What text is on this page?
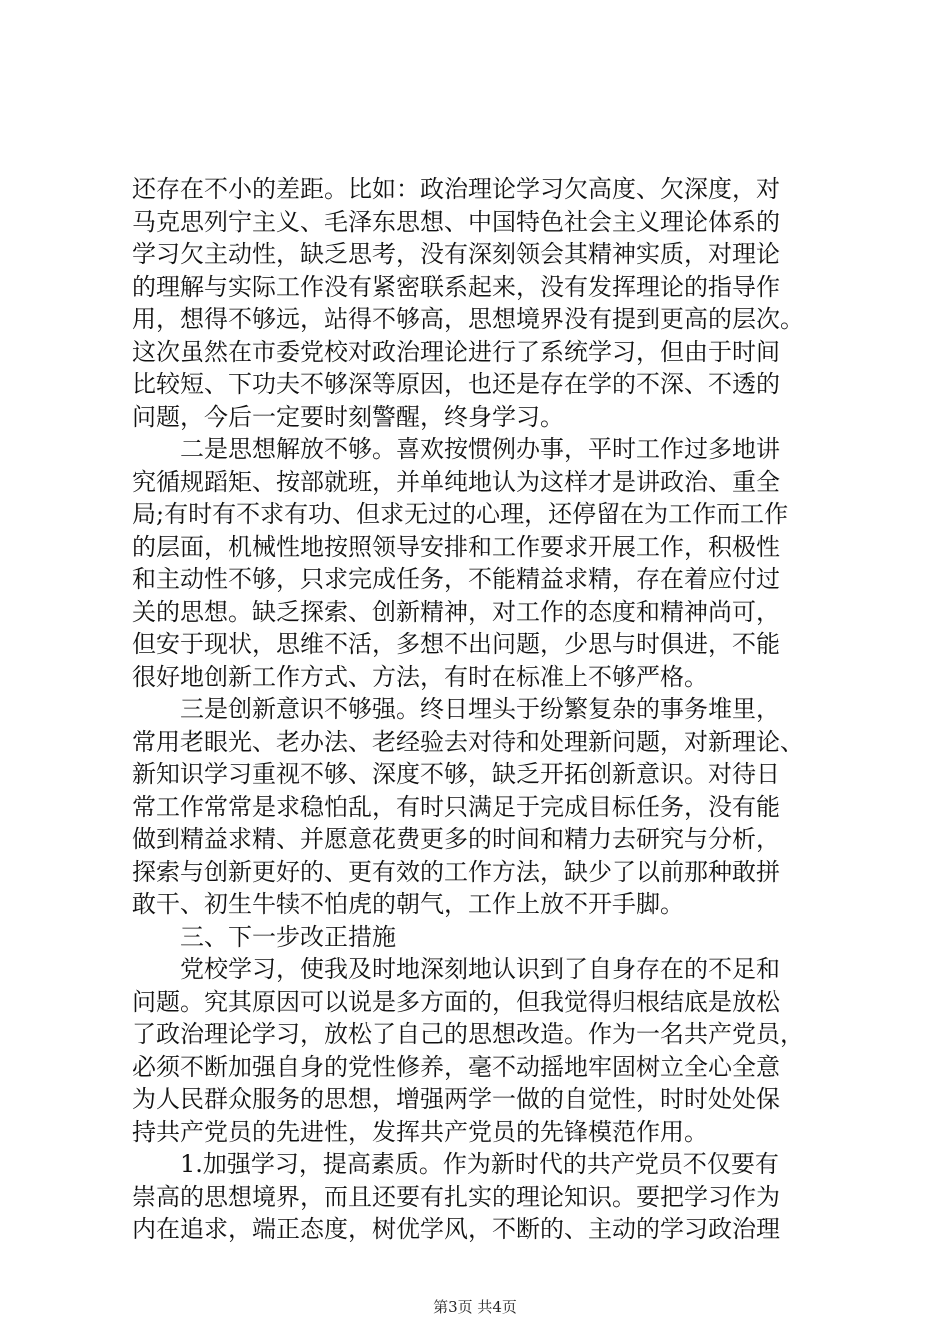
还存在不小的差距。比如：政治理论学习欠高度、欠深度，对
马克思列宁主义、毛泽东思想、中国特色社会主义理论体系的
学习欠主动性，缺乏思考，没有深刻领会其精神实质，对理论
的理解与实际工作没有紧密联系起来，没有发挥理论的指导作
用，想得不够远，站得不够高，思想境界没有提到更高的层次。
这次虽然在市委党校对政治理论进行了系统学习，但由于时间
比较短、下功夫不够深等原因，也还是存在学的不深、不透的
问题，今后一定要时刻警醒，终身学习。
　　二是思想解放不够。喜欢按惯例办事，平时工作过多地讲
究循规蹈矩、按部就班，并单纯地认为这样才是讲政治、重全
局;有时有不求有功、但求无过的心理，还停留在为工作而工作
的层面，机械性地按照领导安排和工作要求开展工作，积极性
和主动性不够，只求完成任务，不能精益求精，存在着应付过
关的思想。缺乏探索、创新精神，对工作的态度和精神尚可，
但安于现状，思维不活，多想不出问题，少思与时俱进，不能
很好地创新工作方式、方法，有时在标准上不够严格。
　　三是创新意识不够强。终日埋头于纷繁复杂的事务堆里，
常用老眼光、老办法、老经验去对待和处理新问题，对新理论、
新知识学习重视不够、深度不够，缺乏开拓创新意识。对待日
常工作常常是求稳怕乱，有时只满足于完成目标任务，没有能
做到精益求精、并愿意花费更多的时间和精力去研究与分析，
探索与创新更好的、更有效的工作方法，缺少了以前那种敢拼
敢干、初生牛犊不怕虎的朝气，工作上放不开手脚。
　　三、下一步改正措施
　　党校学习，使我及时地深刻地认识到了自身存在的不足和
问题。究其原因可以说是多方面的，但我觉得归根结底是放松
了政治理论学习，放松了自己的思想改造。作为一名共产党员，
必须不断加强自身的党性修养，毫不动摇地牢固树立全心全意
为人民群众服务的思想，增强两学一做的自觉性，时时处处保
持共产党员的先进性，发挥共产党员的先锋模范作用。
　　1.加强学习，提高素质。作为新时代的共产党员不仅要有
崇高的思想境界，而且还要有扎实的理论知识。要把学习作为
内在追求，端正态度，树优学风，不断的、主动的学习政治理
第3页 共4页
